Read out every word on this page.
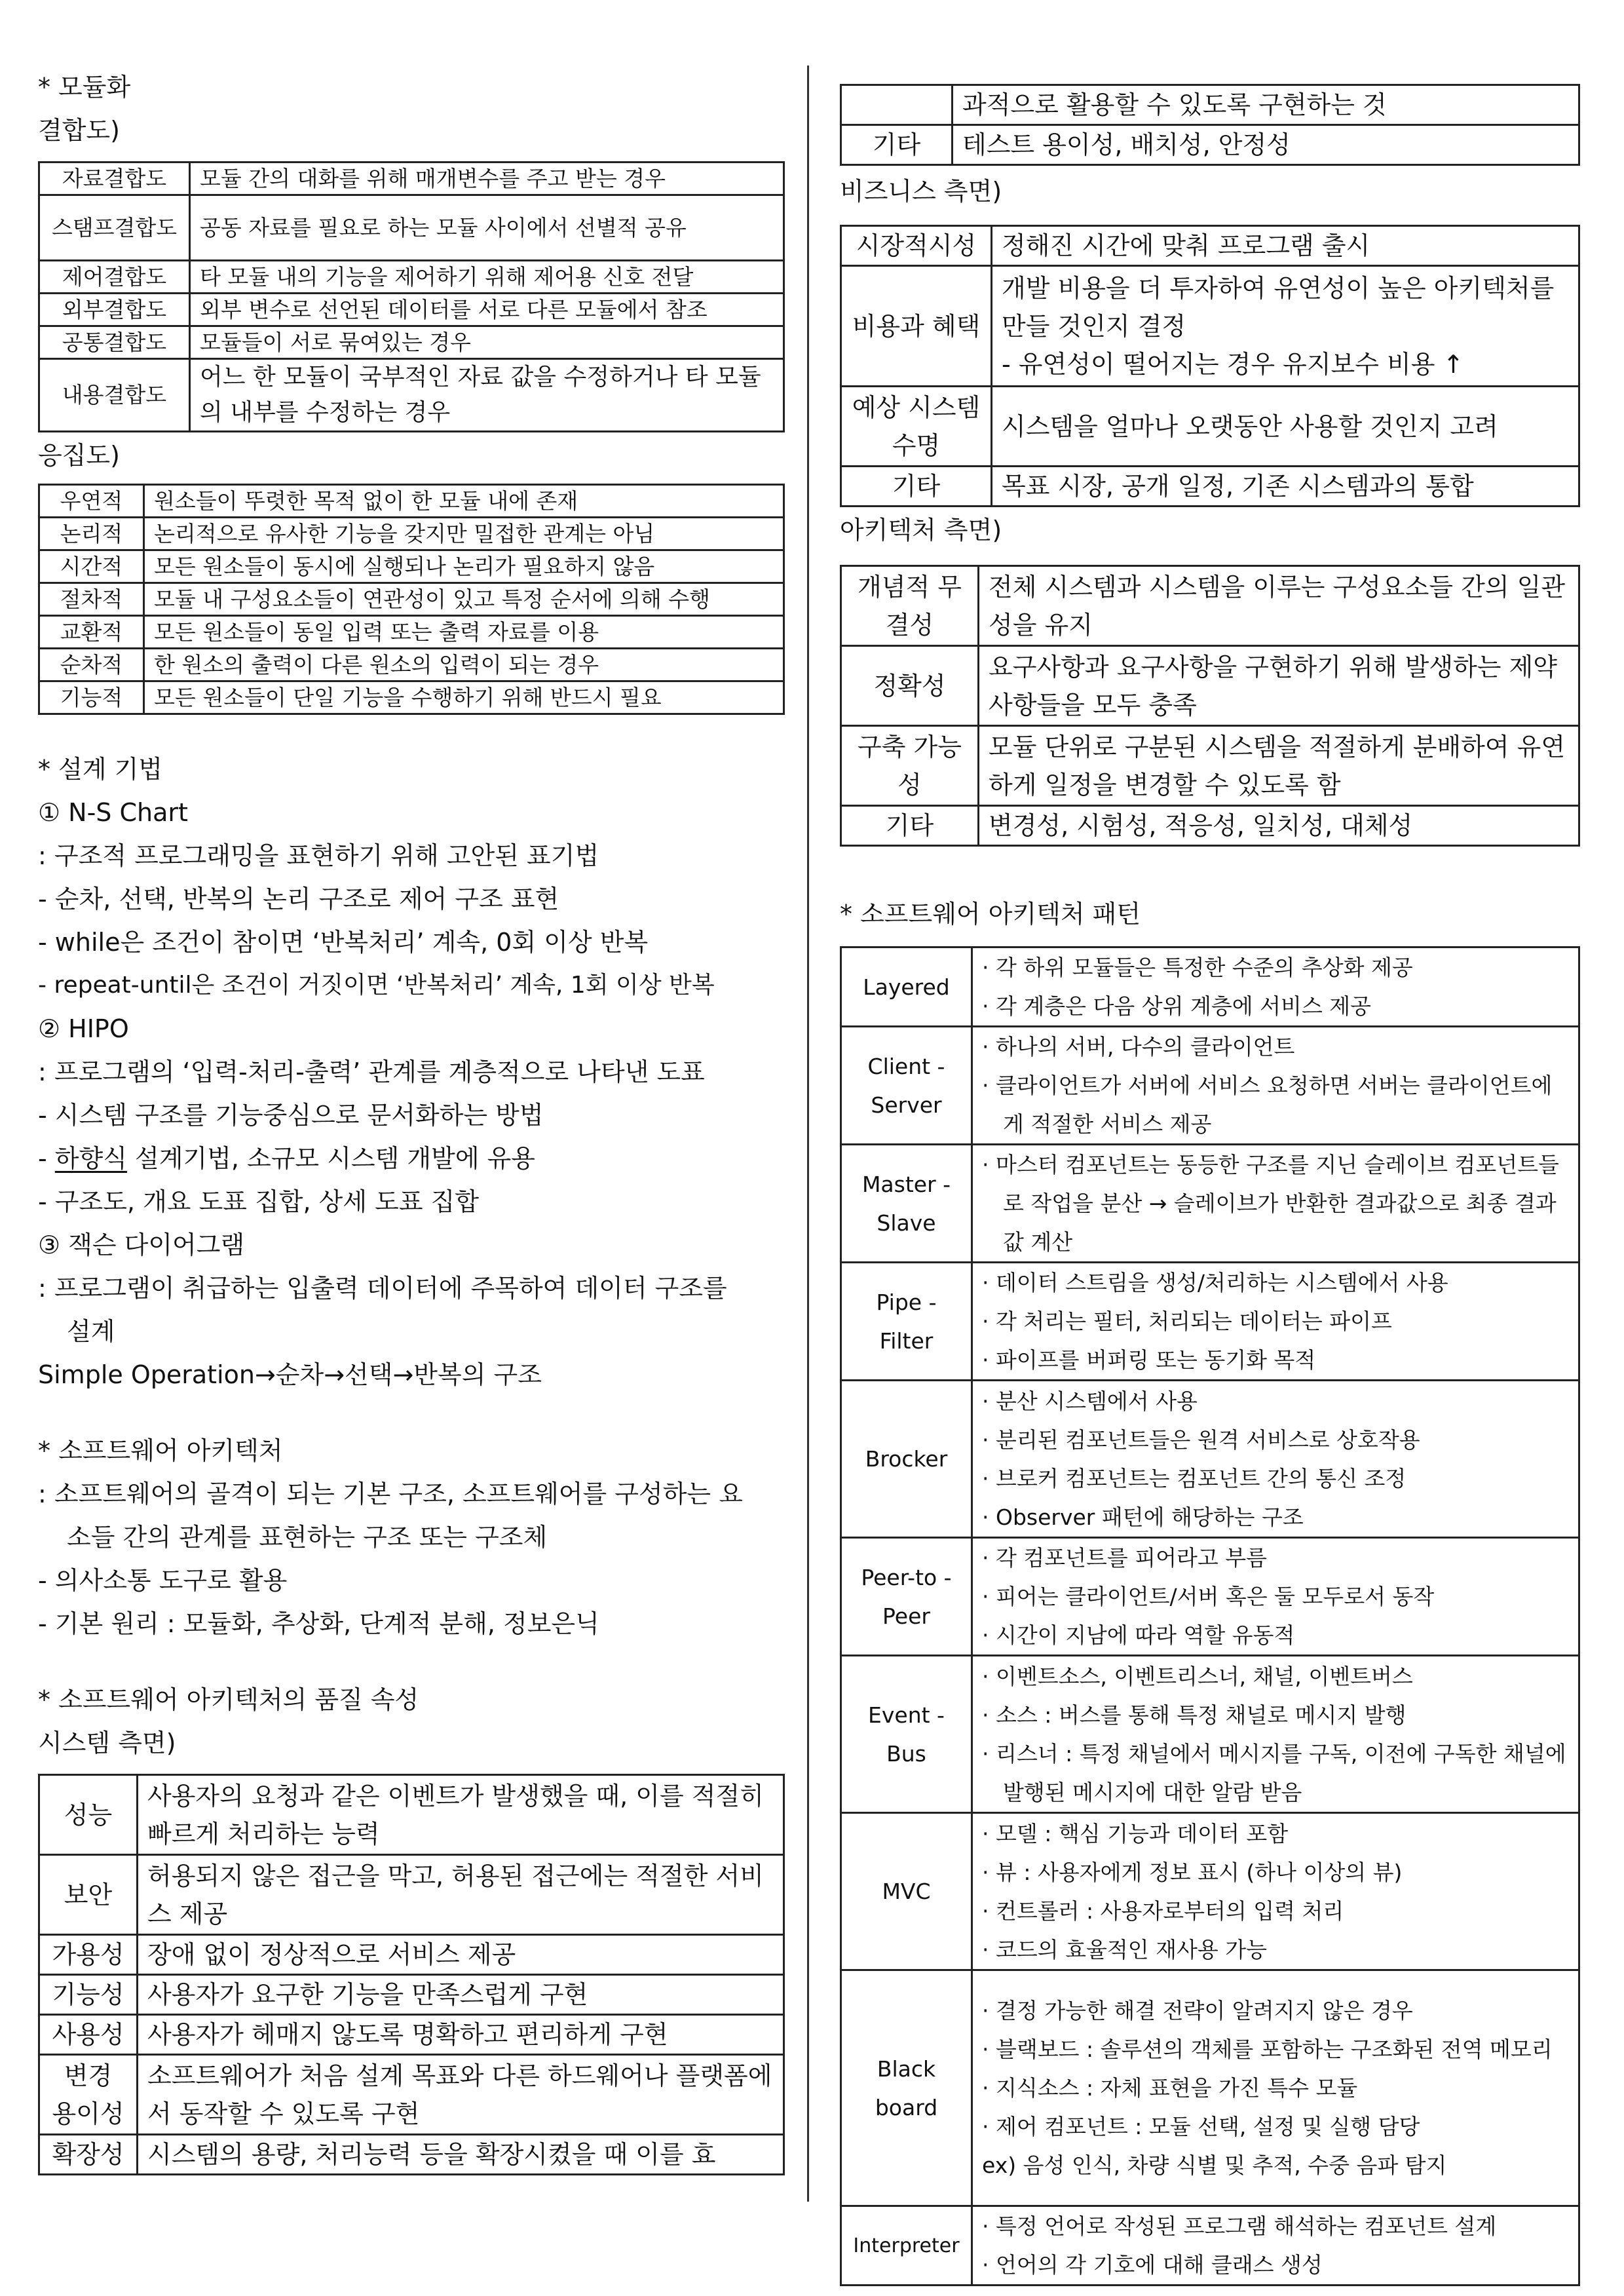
* 모듈화
결합도)
자료결합도	모듈 간의 대화를 위해 매개변수를 주고 받는 경우
스탬프결합도	공동 자료를 필요로 하는 모듈 사이에서 선별적 공유
제어결합도	타 모듈 내의 기능을 제어하기 위해 제어용 신호 전달
외부결합도	외부 변수로 선언된 데이터를 서로 다른 모듈에서 참조
공통결합도	모듈들이 서로 묶여있는 경우
내용결합도	어느 한 모듈이 국부적인 자료 값을 수정하거나 타 모듈의 내부를 수정하는 경우
응집도)
우연적	원소들이 뚜렷한 목적 없이 한 모듈 내에 존재
논리적	논리적으로 유사한 기능을 갖지만 밀접한 관계는 아님
시간적	모든 원소들이 동시에 실행되나 논리가 필요하지 않음
절차적	모듈 내 구성요소들이 연관성이 있고 특정 순서에 의해 수행
교환적	모든 원소들이 동일 입력 또는 출력 자료를 이용
순차적	한 원소의 출력이 다른 원소의 입력이 되는 경우
기능적	모든 원소들이 단일 기능을 수행하기 위해 반드시 필요
* 설계 기법
① N-S Chart
: 구조적 프로그래밍을 표현하기 위해 고안된 표기법
- 순차, 선택, 반복의 논리 구조로 제어 구조 표현
- while은 조건이 참이면 ‘반복처리’ 계속, 0회 이상 반복
- repeat-until은 조건이 거짓이면 ‘반복처리’ 계속, 1회 이상 반복
② HIPO
: 프로그램의 ‘입력-처리-출력’ 관계를 계층적으로 나타낸 도표
- 시스템 구조를 기능중심으로 문서화하는 방법
- 하향식 설계기법, 소규모 시스템 개발에 유용
- 구조도, 개요 도표 집합, 상세 도표 집합
③ 잭슨 다이어그램
: 프로그램이 취급하는 입출력 데이터에 주목하여 데이터 구조를
설계
Simple Operation→순차→선택→반복의 구조
* 소프트웨어 아키텍처
: 소프트웨어의 골격이 되는 기본 구조, 소프트웨어를 구성하는 요
소들 간의 관계를 표현하는 구조 또는 구조체
- 의사소통 도구로 활용
- 기본 원리 : 모듈화, 추상화, 단계적 분해, 정보은닉
* 소프트웨어 아키텍처의 품질 속성
시스템 측면)
성능	사용자의 요청과 같은 이벤트가 발생했을 때, 이를 적절히 빠르게 처리하는 능력
보안	허용되지 않은 접근을 막고, 허용된 접근에는 적절한 서비스 제공
가용성	장애 없이 정상적으로 서비스 제공
기능성	사용자가 요구한 기능을 만족스럽게 구현
사용성	사용자가 헤매지 않도록 명확하고 편리하게 구현
변경 용이성	소프트웨어가 처음 설계 목표와 다른 하드웨어나 플랫폼에서 동작할 수 있도록 구현
확장성	시스템의 용량, 처리능력 등을 확장시켰을 때 이를 효
	과적으로 활용할 수 있도록 구현하는 것
기타	테스트 용이성, 배치성, 안정성
비즈니스 측면)
시장적시성	정해진 시간에 맞춰 프로그램 출시
비용과 혜택	개발 비용을 더 투자하여 유연성이 높은 아키텍처를 만들 것인지 결정
- 유연성이 떨어지는 경우 유지보수 비용 ↑

예상 시스템수명	시스템을 얼마나 오랫동안 사용할 것인지 고려
기타	목표 시장, 공개 일정, 기존 시스템과의 통합
아키텍처 측면)
개념적 무결성	전체 시스템과 시스템을 이루는 구성요소들 간의 일관성을 유지
정확성	요구사항과 요구사항을 구현하기 위해 발생하는 제약사항들을 모두 충족
구축 가능성	모듈 단위로 구분된 시스템을 적절하게 분배하여 유연하게 일정을 변경할 수 있도록 함
기타	변경성, 시험성, 적응성, 일치성, 대체성
* 소프트웨어 아키텍처 패턴
Layered	· 각 하위 모듈들은 특정한 수준의 추상화 제공
· 각 계층은 다음 상위 계층에 서비스 제공

Client -Server	· 하나의 서버, 다수의 클라이언트
· 클라이언트가 서버에 서비스 요청하면 서버는 클라이언트에게 적절한 서비스 제공

Master -Slave	· 마스터 컴포넌트는 동등한 구조를 지닌 슬레이브 컴포넌트들로 작업을 분산 → 슬레이브가 반환한 결과값으로 최종 결과값 계산

Pipe -Filter	· 데이터 스트림을 생성/처리하는 시스템에서 사용
· 각 처리는 필터, 처리되는 데이터는 파이프
· 파이프를 버퍼링 또는 동기화 목적

Brocker	· 분산 시스템에서 사용
· 분리된 컴포넌트들은 원격 서비스로 상호작용
· 브로커 컴포넌트는 컴포넌트 간의 통신 조정
· Observer 패턴에 해당하는 구조

Peer-to -Peer	· 각 컴포넌트를 피어라고 부름
· 피어는 클라이언트/서버 혹은 둘 모두로서 동작
· 시간이 지남에 따라 역할 유동적

Event -Bus	· 이벤트소스, 이벤트리스너, 채널, 이벤트버스
· 소스 : 버스를 통해 특정 채널로 메시지 발행
· 리스너 : 특정 채널에서 메시지를 구독, 이전에 구독한 채널에 발행된 메시지에 대한 알람 받음

MVC	· 모델 : 핵심 기능과 데이터 포함
· 뷰 : 사용자에게 정보 표시 (하나 이상의 뷰)
· 컨트롤러 : 사용자로부터의 입력 처리
· 코드의 효율적인 재사용 가능

Black board	· 결정 가능한 해결 전략이 알려지지 않은 경우
· 블랙보드 : 솔루션의 객체를 포함하는 구조화된 전역 메모리
· 지식소스 : 자체 표현을 가진 특수 모듈
· 제어 컴포넌트 : 모듈 선택, 설정 및 실행 담당
ex) 음성 인식, 차량 식별 및 추적, 수중 음파 탐지
Interpreter	· 특정 언어로 작성된 프로그램 해석하는 컴포넌트 설계
· 언어의 각 기호에 대해 클래스 생성
